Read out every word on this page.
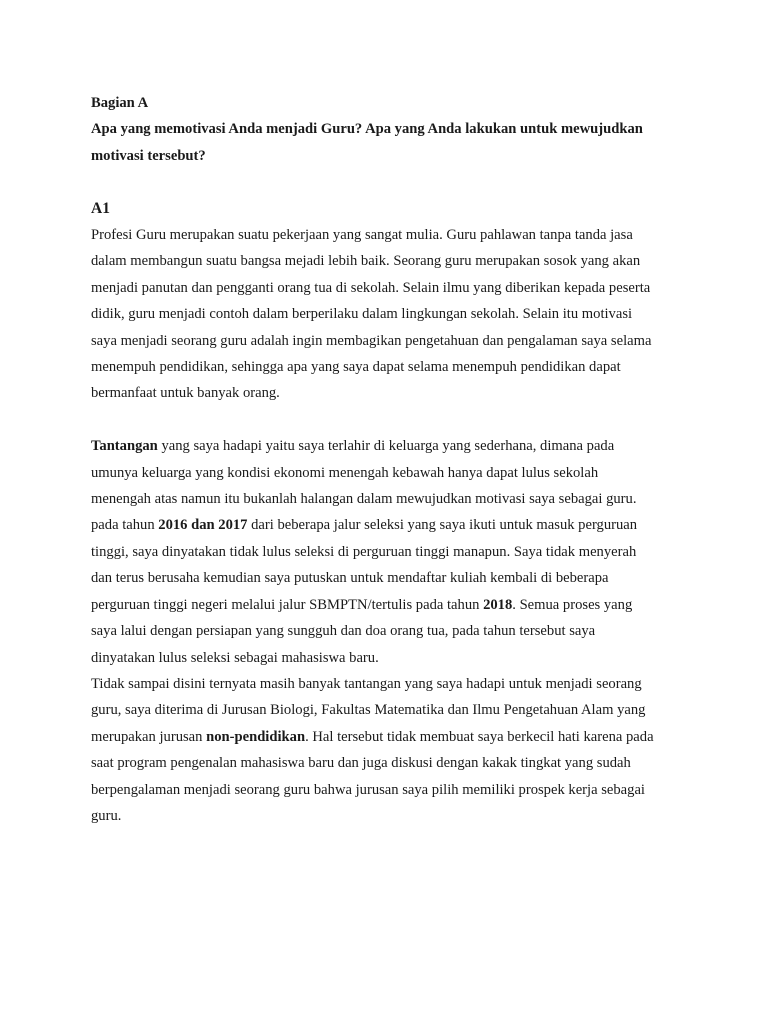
Bagian A
Apa yang memotivasi Anda menjadi Guru? Apa yang Anda lakukan untuk mewujudkan
motivasi tersebut?
A1
Profesi Guru merupakan suatu pekerjaan yang sangat mulia. Guru pahlawan tanpa tanda jasa
dalam membangun suatu bangsa mejadi lebih baik. Seorang guru merupakan sosok yang akan
menjadi panutan dan pengganti orang tua di sekolah. Selain ilmu yang diberikan kepada peserta
didik, guru menjadi contoh dalam berperilaku dalam lingkungan sekolah. Selain itu motivasi
saya menjadi seorang guru adalah ingin membagikan pengetahuan dan pengalaman saya selama
menempuh pendidikan, sehingga apa yang saya dapat selama menempuh pendidikan dapat
bermanfaat untuk banyak orang.
Tantangan yang saya hadapi yaitu saya terlahir di keluarga yang sederhana, dimana pada
umunya keluarga yang kondisi ekonomi menengah kebawah hanya dapat lulus sekolah
menengah atas namun itu bukanlah halangan dalam mewujudkan motivasi saya sebagai guru.
pada tahun 2016 dan 2017 dari beberapa jalur seleksi yang saya ikuti untuk masuk perguruan
tinggi, saya dinyatakan tidak lulus seleksi di perguruan tinggi manapun. Saya tidak menyerah
dan terus berusaha kemudian saya putuskan untuk mendaftar kuliah kembali di beberapa
perguruan tinggi negeri melalui jalur SBMPTN/tertulis pada tahun 2018. Semua proses yang
saya lalui dengan persiapan yang sungguh dan doa orang tua, pada tahun tersebut saya
dinyatakan lulus seleksi sebagai mahasiswa baru.
Tidak sampai disini ternyata masih banyak tantangan yang saya hadapi untuk menjadi seorang
guru, saya diterima di Jurusan Biologi, Fakultas Matematika dan Ilmu Pengetahuan Alam yang
merupakan jurusan non-pendidikan. Hal tersebut tidak membuat saya berkecil hati karena pada
saat program pengenalan mahasiswa baru dan juga diskusi dengan kakak tingkat yang sudah
berpengalaman menjadi seorang guru bahwa jurusan saya pilih memiliki prospek kerja sebagai
guru.
